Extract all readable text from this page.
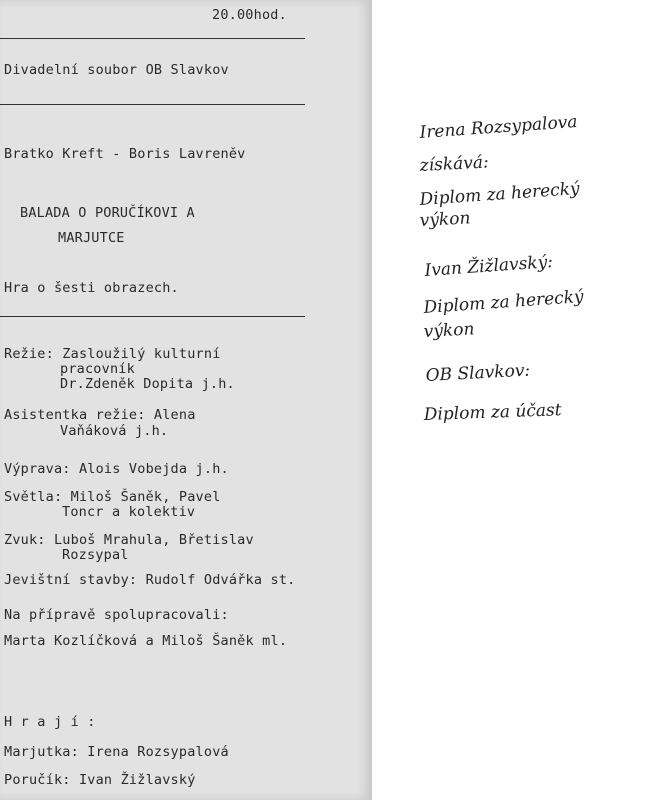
20.00hod.
Divadelní soubor OB Slavkov
Bratko Kreft - Boris Lavreněv
BALADA O PORUČÍKOVI A
MARJUTCE
Hra o šesti obrazech.
Režie: Zasloužilý kulturní
pracovník
Dr.Zdeněk Dopita j.h.
Asistentka režie: Alena
Vaňáková j.h.
Výprava: Alois Vobejda j.h.
Světla: Miloš Šaněk, Pavel
Toncr a kolektiv
Zvuk: Luboš Mrahula, Břetislav
Rozsypal
Jevištní stavby: Rudolf Odvářka st.
Na přípravě spolupracovali:
Marta Kozlíčková a Miloš Šaněk ml.
H r a j í :
Marjutka: Irena Rozsypalová
Poručík: Ivan Žižlavský
Irena Rozsypalova
získává:
Diplom za herecký
výkon
Ivan Žižlavský:
Diplom za herecký
výkon
OB Slavkov:
Diplom za účast
